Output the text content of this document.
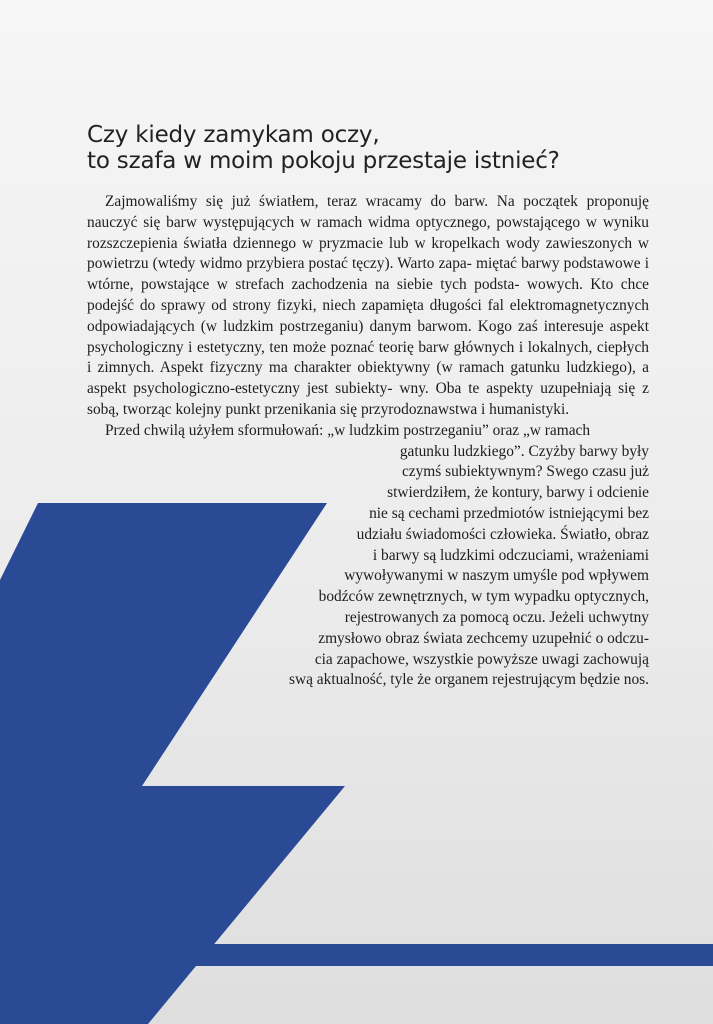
Czy kiedy zamykam oczy,
to szafa w moim pokoju przestaje istnieć?

Zajmowaliśmy się już światłem, teraz wracamy do barw. Na początek proponuję nauczyć się barw występujących w ramach widma optycznego, powstającego w wyniku rozszczepienia światła dziennego w pryzmacie lub w kropelkach wody zawieszonych w powietrzu (wtedy widmo przybiera postać tęczy). Warto zapa- miętać barwy podstawowe i wtórne, powstające w strefach zachodzenia na siebie tych podsta- wowych. Kto chce podejść do sprawy od strony fizyki, niech zapamięta długości fal elektromagnetycznych odpowiadających (w ludzkim postrzeganiu) danym barwom. Kogo zaś interesuje aspekt psychologiczny i estetyczny, ten może poznać teorię barw głównych i lokalnych, ciepłych i zimnych. Aspekt fizyczny ma charakter obiektywny (w ramach gatunku ludzkiego), a aspekt psychologiczno-estetyczny jest subiekty- wny. Oba te aspekty uzupełniają się z sobą, tworząc kolejny punkt przenikania się przyrodoznawstwa i humanistyki.

Przed chwilą użyłem sformułowań: „w ludzkim postrzeganiu” oraz „w ramach
gatunku ludzkiego”. Czyżby barwy były
czymś subiektywnym? Swego czasu już
stwierdziłem, że kontury, barwy i odcienie
nie są cechami przedmiotów istniejącymi bez
udziału świadomości człowieka. Światło, obraz
i barwy są ludzkimi odczuciami, wrażeniami
wywoływanymi w naszym umyśle pod wpływem
bodźców zewnętrznych, w tym wypadku optycznych,
rejestrowanych za pomocą oczu. Jeżeli uchwytny
zmysłowo obraz świata zechcemy uzupełnić o odczu-
cia zapachowe, wszystkie powyższe uwagi zachowują
swą aktualność, tyle że organem rejestrującym będzie nos.
